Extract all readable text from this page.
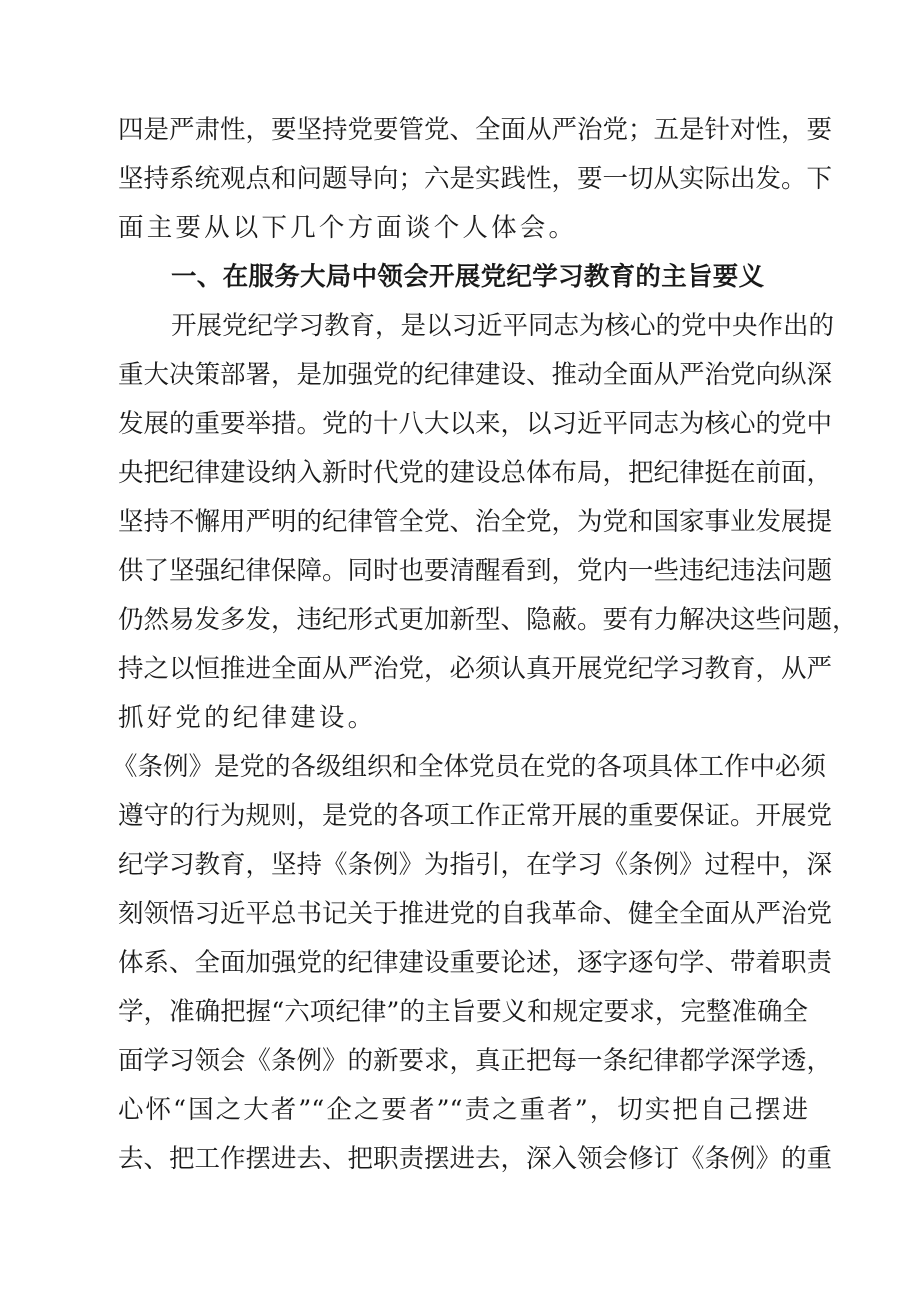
四是严肃性，要坚持党要管党、全面从严治党；五是针对性，要
坚持系统观点和问题导向；六是实践性，要一切从实际出发。下
面主要从以下几个方面谈个人体会。
一、在服务大局中领会开展党纪学习教育的主旨要义
开展党纪学习教育，是以习近平同志为核心的党中央作出的
重大决策部署，是加强党的纪律建设、推动全面从严治党向纵深
发展的重要举措。党的十八大以来，以习近平同志为核心的党中
央把纪律建设纳入新时代党的建设总体布局，把纪律挺在前面，
坚持不懈用严明的纪律管全党、治全党，为党和国家事业发展提
供了坚强纪律保障。同时也要清醒看到，党内一些违纪违法问题
仍然易发多发，违纪形式更加新型、隐蔽。要有力解决这些问题，
持之以恒推进全面从严治党，必须认真开展党纪学习教育，从严
抓好党的纪律建设。
《条例》是党的各级组织和全体党员在党的各项具体工作中必须
遵守的行为规则，是党的各项工作正常开展的重要保证。开展党
纪学习教育，坚持《条例》为指引，在学习《条例》过程中，深
刻领悟习近平总书记关于推进党的自我革命、健全全面从严治党
体系、全面加强党的纪律建设重要论述，逐字逐句学、带着职责
学，准确把握“六项纪律”的主旨要义和规定要求，完整准确全
面学习领会《条例》的新要求，真正把每一条纪律都学深学透，
心怀“国之大者”“企之要者”“责之重者”，切实把自己摆进
去、把工作摆进去、把职责摆进去，深入领会修订《条例》的重
